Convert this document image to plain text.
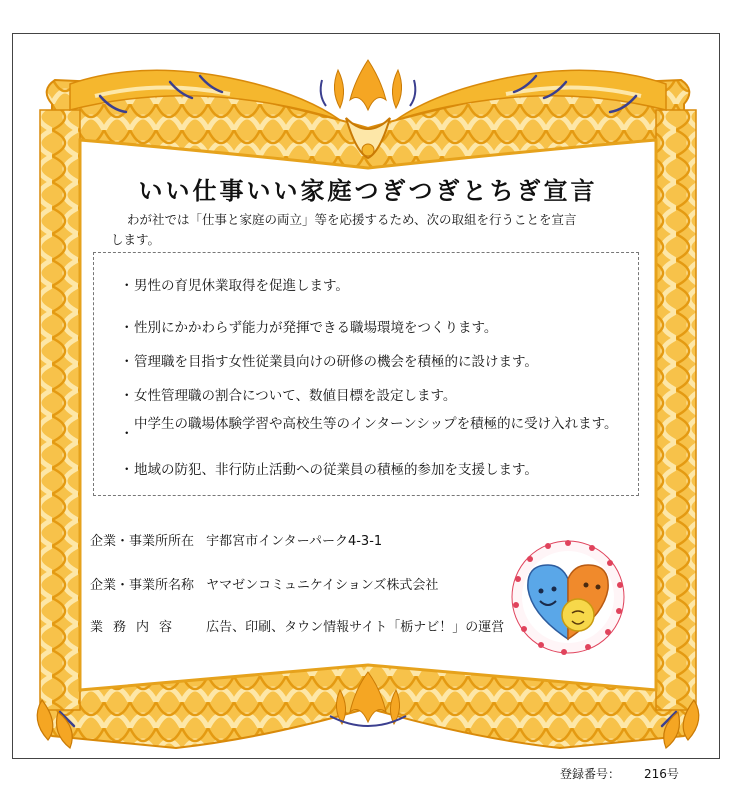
いい仕事いい家庭つぎつぎとちぎ宣言
わが社では「仕事と家庭の両立」等を応援するため、次の取組を行うことを宣言
します。
・ 男性の育児休業取得を促進します。
・ 性別にかかわらず能力が発揮できる職場環境をつくります。
・ 管理職を目指す女性従業員向けの研修の機会を積極的に設けます。
・ 女性管理職の割合について、数値目標を設定します。
・
中学生の職場体験学習や高校生等のインターンシップを積極的に受け入れます。
・ 地域の防犯、非行防止活動への従業員の積極的参加を支援します。
企業・事業所所在 宇都宮市インターパーク4-3-1
企業・事業所名称 ヤマゼンコミュニケイションズ株式会社
業務内容 広告、印刷、タウン情報サイト「栃ナビ！」の運営
登録番号： 216号
